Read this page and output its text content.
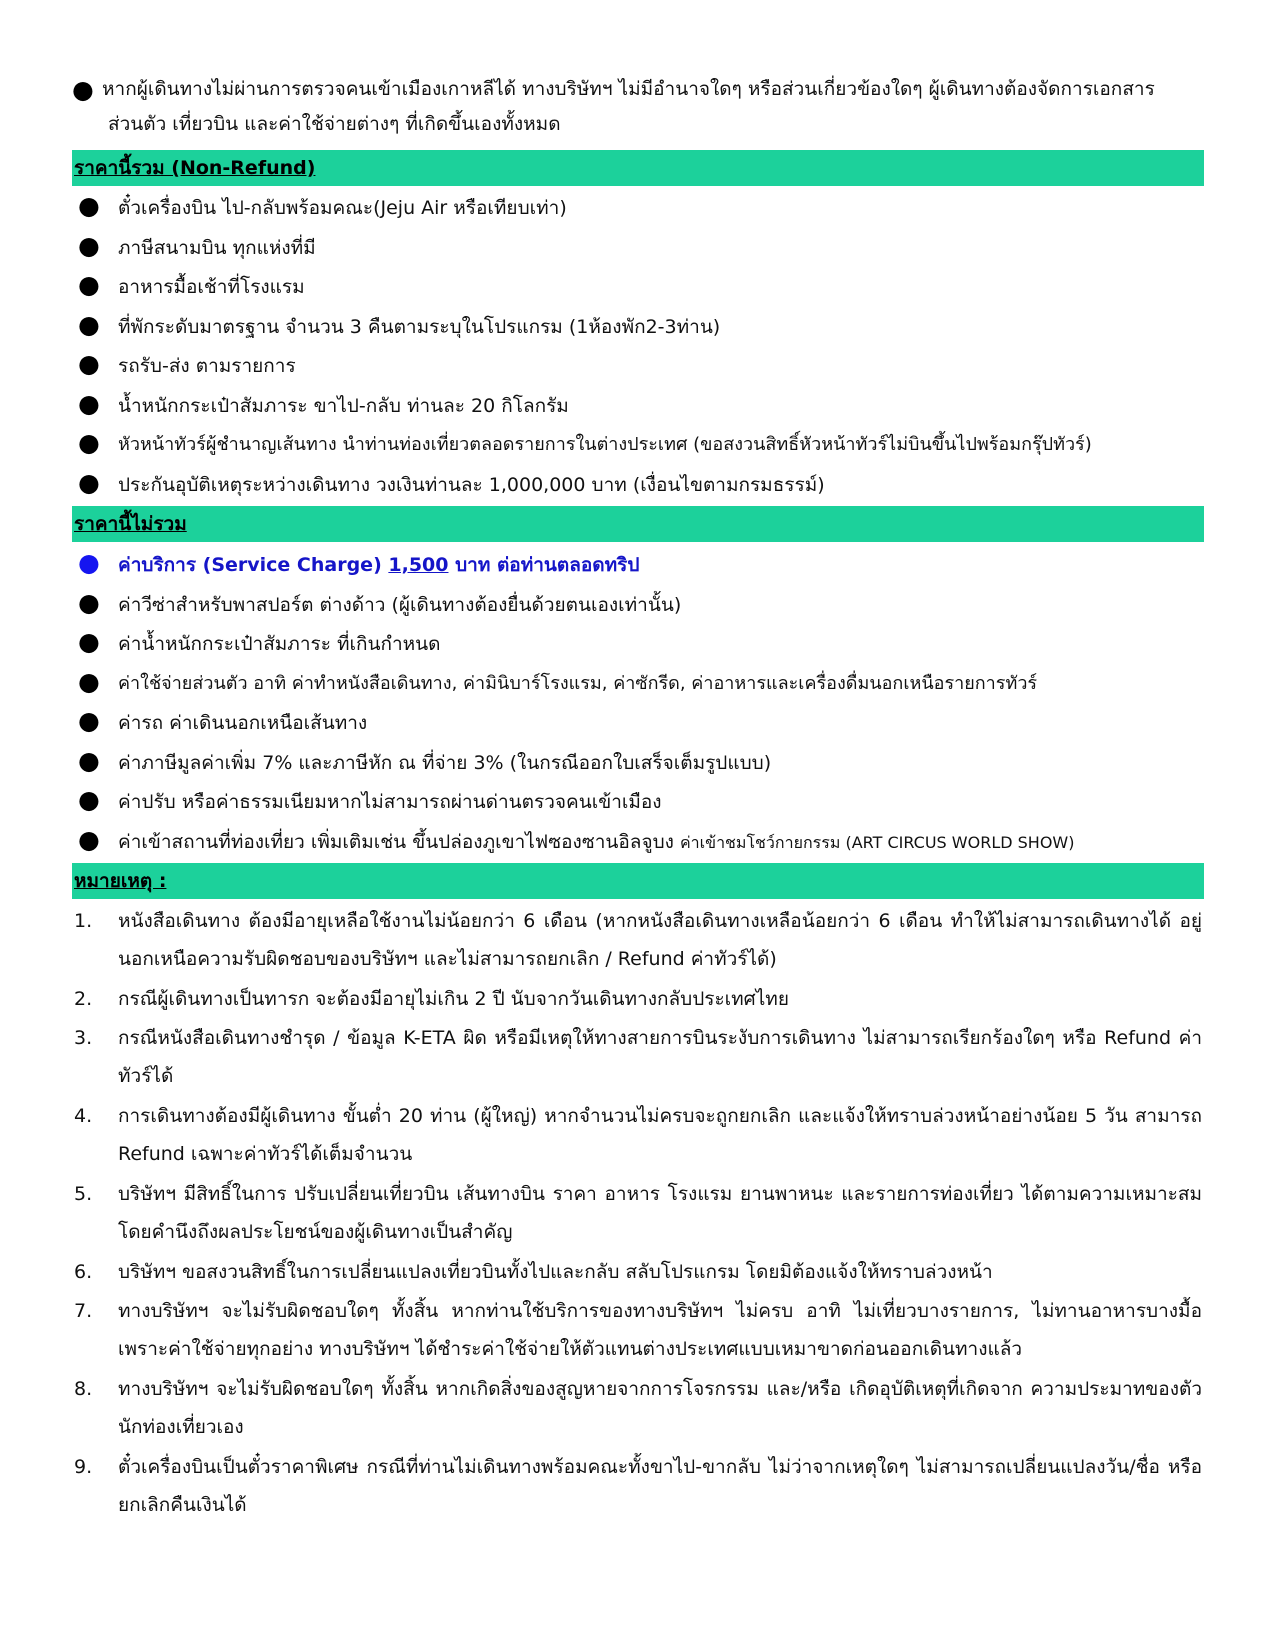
● หากผู้เดินทางไม่ผ่านการตรวจคนเข้าเมืองเกาหลีได้ ทางบริษัทฯ ไม่มีอำนาจใดๆ หรือส่วนเกี่ยวข้องใดๆ ผู้เดินทางต้องจัดการเอกสาร
ส่วนตัว เที่ยวบิน และค่าใช้จ่ายต่างๆ ที่เกิดขึ้นเองทั้งหมด
ราคานี้รวม (Non-Refund)
● ตั๋วเครื่องบิน ไป-กลับพร้อมคณะ(Jeju Air หรือเทียบเท่า)
● ภาษีสนามบิน ทุกแห่งที่มี
● อาหารมื้อเช้าที่โรงแรม
● ที่พักระดับมาตรฐาน จำนวน 3 คืนตามระบุในโปรแกรม (1ห้องพัก2-3ท่าน)
● รถรับ-ส่ง ตามรายการ
● น้ำหนักกระเป๋าสัมภาระ ขาไป-กลับ ท่านละ 20 กิโลกรัม
● หัวหน้าทัวร์ผู้ชำนาญเส้นทาง นำท่านท่องเที่ยวตลอดรายการในต่างประเทศ (ขอสงวนสิทธิ์หัวหน้าทัวร์ไม่บินขึ้นไปพร้อมกรุ๊ปทัวร์)
● ประกันอุบัติเหตุระหว่างเดินทาง วงเงินท่านละ 1,000,000 บาท (เงื่อนไขตามกรมธรรม์)
ราคานี้ไม่รวม
● ค่าบริการ (Service Charge) 1,500 บาท ต่อท่านตลอดทริป
● ค่าวีซ่าสำหรับพาสปอร์ต ต่างด้าว (ผู้เดินทางต้องยื่นด้วยตนเองเท่านั้น)
● ค่าน้ำหนักกระเป๋าสัมภาระ ที่เกินกำหนด
● ค่าใช้จ่ายส่วนตัว อาทิ ค่าทำหนังสือเดินทาง, ค่ามินิบาร์โรงแรม, ค่าซักรีด, ค่าอาหารและเครื่องดื่มนอกเหนือรายการทัวร์
● ค่ารถ ค่าเดินนอกเหนือเส้นทาง
● ค่าภาษีมูลค่าเพิ่ม 7% และภาษีหัก ณ ที่จ่าย 3% (ในกรณีออกใบเสร็จเต็มรูปแบบ)
● ค่าปรับ หรือค่าธรรมเนียมหากไม่สามารถผ่านด่านตรวจคนเข้าเมือง
● ค่าเข้าสถานที่ท่องเที่ยว เพิ่มเติมเช่น ขึ้นปล่องภูเขาไฟซองซานอิลจูบง ค่าเข้าชมโชว์กายกรรม (ART CIRCUS WORLD SHOW)
หมายเหตุ :
1. หนังสือเดินทาง ต้องมีอายุเหลือใช้งานไม่น้อยกว่า 6 เดือน (หากหนังสือเดินทางเหลือน้อยกว่า 6 เดือน ทำให้ไม่สามารถเดินทางได้ อยู่นอกเหนือความรับผิดชอบของบริษัทฯ และไม่สามารถยกเลิก / Refund ค่าทัวร์ได้)
2. กรณีผู้เดินทางเป็นทารก จะต้องมีอายุไม่เกิน 2 ปี นับจากวันเดินทางกลับประเทศไทย
3. กรณีหนังสือเดินทางชำรุด / ข้อมูล K-ETA ผิด หรือมีเหตุให้ทางสายการบินระงับการเดินทาง ไม่สามารถเรียกร้องใดๆ หรือ Refund ค่าทัวร์ได้
4. การเดินทางต้องมีผู้เดินทาง ขั้นต่ำ 20 ท่าน (ผู้ใหญ่) หากจำนวนไม่ครบจะถูกยกเลิก และแจ้งให้ทราบล่วงหน้าอย่างน้อย 5 วัน สามารถ Refund เฉพาะค่าทัวร์ได้เต็มจำนวน
5. บริษัทฯ มีสิทธิ์ในการ ปรับเปลี่ยนเที่ยวบิน เส้นทางบิน ราคา อาหาร โรงแรม ยานพาหนะ และรายการท่องเที่ยว ได้ตามความเหมาะสม โดยคำนึงถึงผลประโยชน์ของผู้เดินทางเป็นสำคัญ
6. บริษัทฯ ขอสงวนสิทธิ์ในการเปลี่ยนแปลงเที่ยวบินทั้งไปและกลับ สลับโปรแกรม โดยมิต้องแจ้งให้ทราบล่วงหน้า
7. ทางบริษัทฯ จะไม่รับผิดชอบใดๆ ทั้งสิ้น หากท่านใช้บริการของทางบริษัทฯ ไม่ครบ อาทิ ไม่เที่ยวบางรายการ, ไม่ทานอาหารบางมื้อ เพราะค่าใช้จ่ายทุกอย่าง ทางบริษัทฯ ได้ชำระค่าใช้จ่ายให้ตัวแทนต่างประเทศแบบเหมาขาดก่อนออกเดินทางแล้ว
8. ทางบริษัทฯ จะไม่รับผิดชอบใดๆ ทั้งสิ้น หากเกิดสิ่งของสูญหายจากการโจรกรรม และ/หรือ เกิดอุบัติเหตุที่เกิดจาก ความประมาทของตัวนักท่องเที่ยวเอง
9. ตั๋วเครื่องบินเป็นตั๋วราคาพิเศษ กรณีที่ท่านไม่เดินทางพร้อมคณะทั้งขาไป-ขากลับ ไม่ว่าจากเหตุใดๆ ไม่สามารถเปลี่ยนแปลงวัน/ชื่อ หรือยกเลิกคืนเงินได้
